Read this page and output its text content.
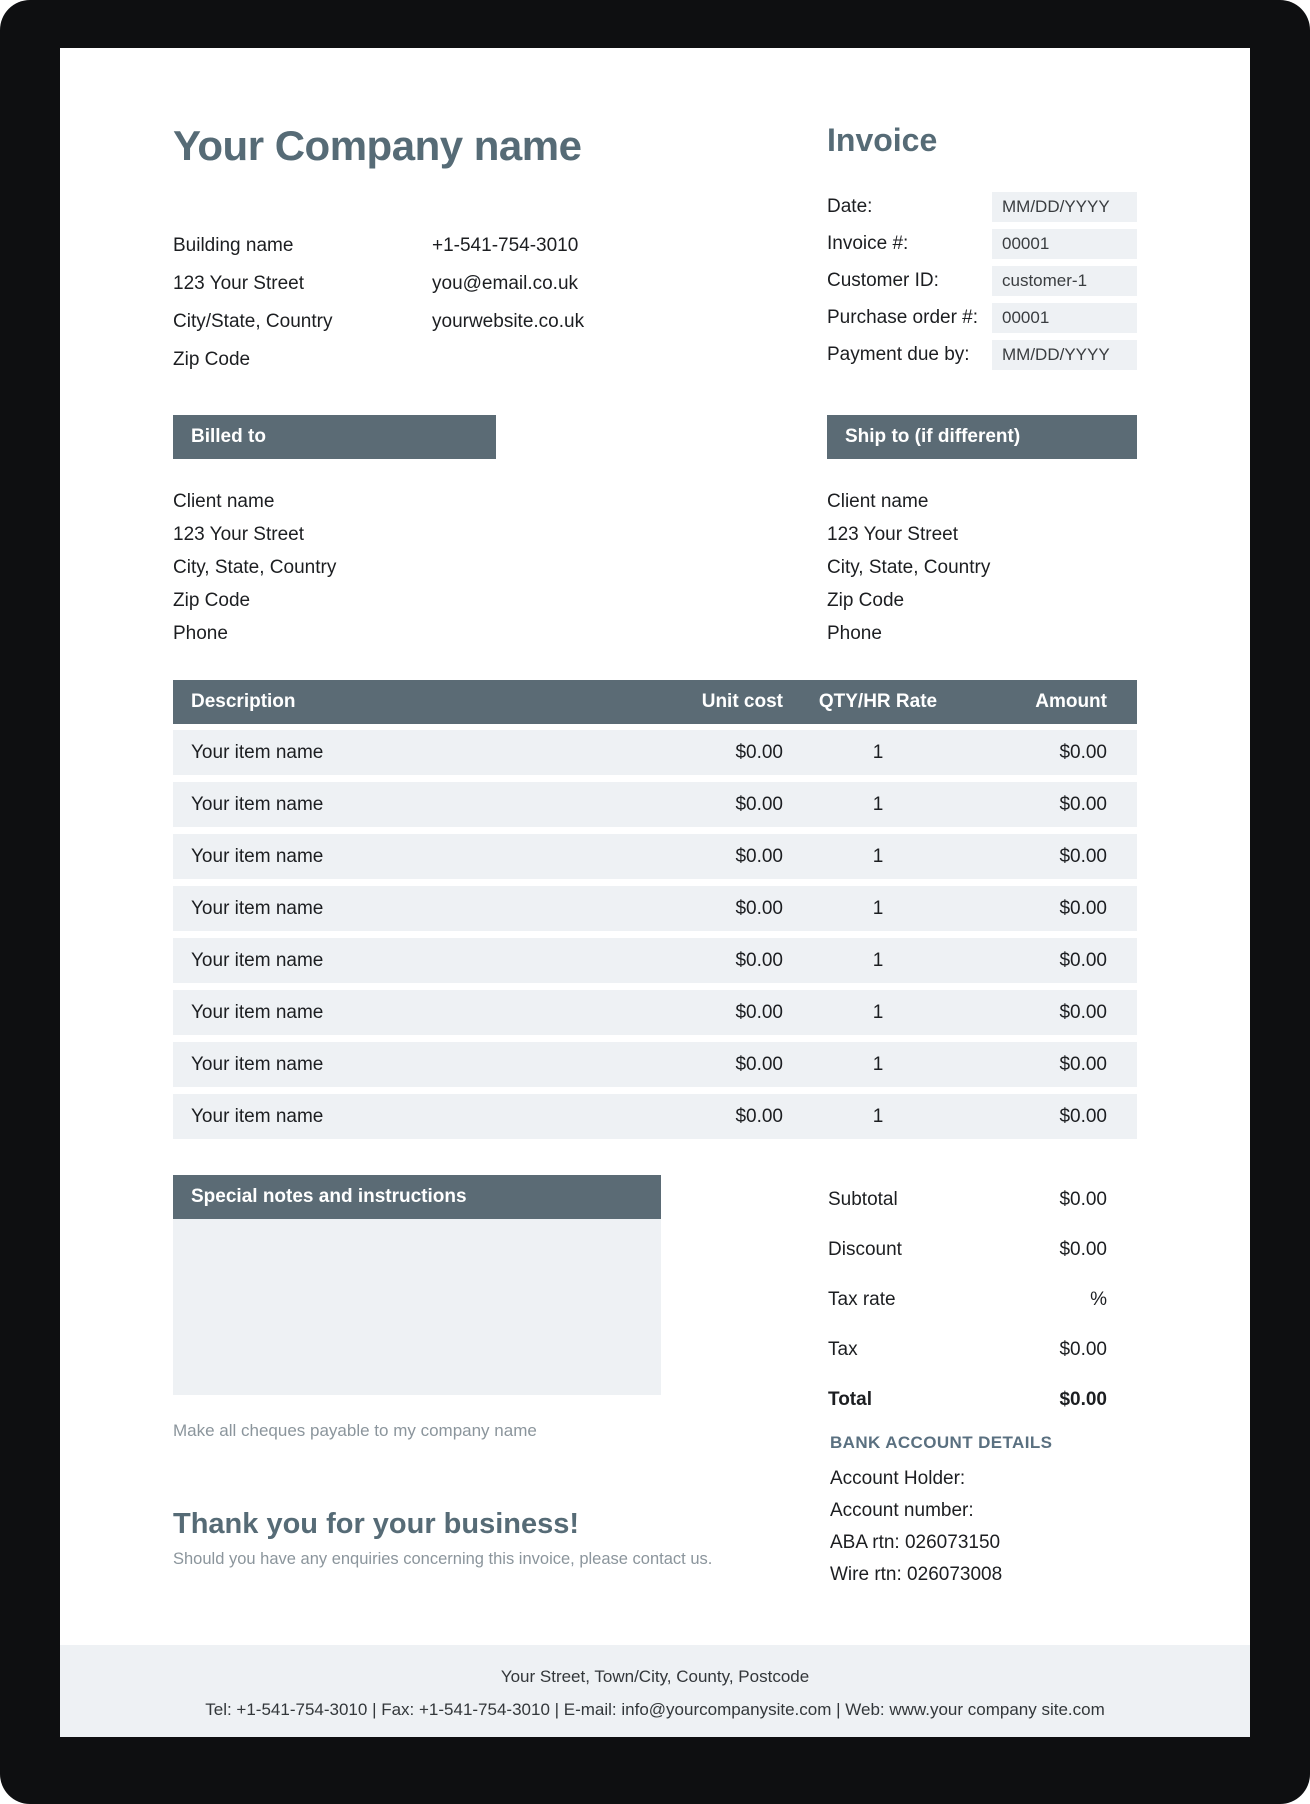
Your Company name
Building name	+1-541-754-3010
123 Your Street	you@email.co.uk
City/State, Country	yourwebsite.co.uk
Zip Code
Invoice
Date:	MM/DD/YYYY
Invoice #:	00001
Customer ID:	customer-1
Purchase order #:	00001
Payment due by:	MM/DD/YYYY
Billed to
Client name
123 Your Street
City, State, Country
Zip Code
Phone
Ship to (if different)
Client name
123 Your Street
City, State, Country
Zip Code
Phone
Description	Unit cost	QTY/HR Rate	Amount
Your item name	$0.00	1	$0.00
Your item name	$0.00	1	$0.00
Your item name	$0.00	1	$0.00
Your item name	$0.00	1	$0.00
Your item name	$0.00	1	$0.00
Your item name	$0.00	1	$0.00
Your item name	$0.00	1	$0.00
Your item name	$0.00	1	$0.00
Special notes and instructions
Make all cheques payable to my company name
Thank you for your business!
Should you have any enquiries concerning this invoice, please contact us.
Subtotal	$0.00
Discount	$0.00
Tax rate	%
Tax	$0.00
Total	$0.00
BANK ACCOUNT DETAILS
Account Holder:
Account number:
ABA rtn: 026073150
Wire rtn: 026073008
Your Street, Town/City, County, Postcode
Tel: +1-541-754-3010 | Fax: +1-541-754-3010 | E-mail: info@yourcompanysite.com | Web: www.your company site.com
